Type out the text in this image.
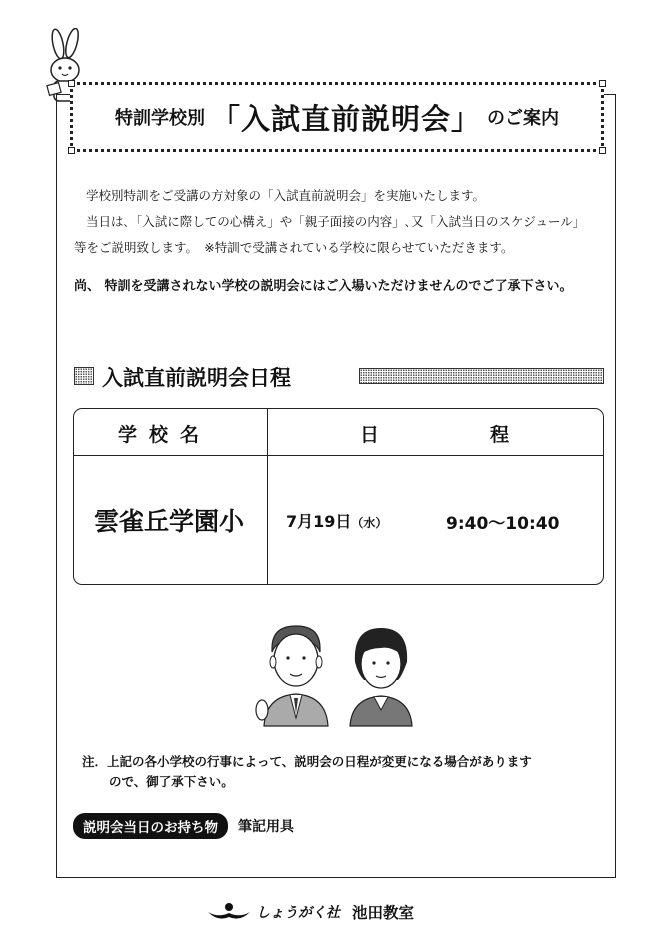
特訓学校別 「入試直前説明会」 のご案内

学校別特訓をご受講の方対象の「入試直前説明会」を実施いたします。

当日は､「入試に際しての心構え」や「親子面接の内容」､又「入試当日のスケジュール」

等をご説明致します。　※特訓で受講されている学校に限らせていただきます。

尚、 特訓を受講されない学校の説明会にはご入場いただけませんのでご了承下さい。
入試直前説明会日程
学校名	日	程
雲雀丘学園小	7月19日（水）	9:40～10:40

注．上記の各小学校の行事によって、説明会の日程が変更になる場合があります

ので、御了承下さい。

説明会当日のお持ち物	筆記用具
しょうがく社 池田教室
